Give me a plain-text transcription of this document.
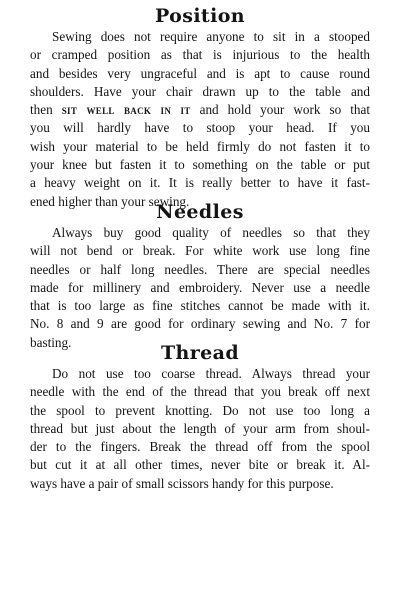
Position
Sewing does not require anyone to sit in a stooped
or cramped position as that is injurious to the health
and besides very ungraceful and is apt to cause round
shoulders. Have your chair drawn up to the table and
then sit well back in it and hold your work so that
you will hardly have to stoop your head. If you
wish your material to be held firmly do not fasten it to
your knee but fasten it to something on the table or put
a heavy weight on it. It is really better to have it fast-
ened higher than your sewing.
Needles
Always buy good quality of needles so that they
will not bend or break. For white work use long fine
needles or half long needles. There are special needles
made for millinery and embroidery. Never use a needle
that is too large as fine stitches cannot be made with it.
No. 8 and 9 are good for ordinary sewing and No. 7 for
basting.	Thread
Do not use too coarse thread. Always thread your
needle with the end of the thread that you break off next
the spool to prevent knotting. Do not use too long a
thread but just about the length of your arm from shoul-
der to the fingers. Break the thread off from the spool
but cut it at all other times, never bite or break it. Al-
ways have a pair of small scissors handy for this purpose.
